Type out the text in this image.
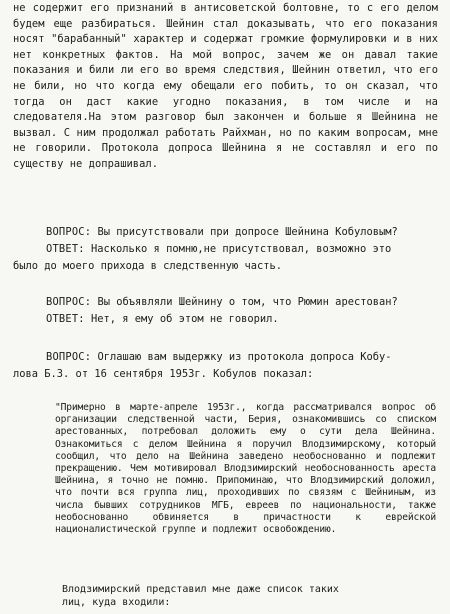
не содержит его признаний в антисоветской болтовне, то с его делом будем еще разбираться. Шейнин стал доказывать, что его показания носят "барабанный" характер и содержат громкие формулировки и в них нет конкретных фактов. На мой вопрос, зачем же он давал такие показания и били ли его во время следствия, Шейнин ответил, что его не били, но что когда ему обещали его побить, то он сказал, что тогда он даст какие угодно показания, в том числе и на следователя.На этом разговор был закончен и больше я Шейнина не вызвал. С ним продолжал работать Райхман, но по каким вопросам, мне не говорили. Протокола допроса Шейнина я не составлял и его по существу не допрашивал.

ВОПРОС: Вы присутствовали при допросе Шейнина Кобуловым?
ОТВЕТ: Насколько я помню,не присутствовал, возможно это
было до моего прихода в следственную часть.
ВОПРОС: Вы объявляли Шейнину о том, что Рюмин арестован?
ОТВЕТ: Нет, я ему об этом не говорил.
ВОПРОС: Оглашаю вам выдержку из протокола допроса Кобу-
лова Б.З. от 16 сентября 1953г. Кобулов показал:

"Примерно в марте-апреле 1953г., когда рассматривался вопрос об организации следственной части, Берия, ознакомившись со списком арестованных, потребовал доложить ему о сути дела Шейнина. Ознакомиться с делом Шейнина я поручил Влодзимирскому, который сообщил, что дело на Шейнина заведено необоснованно и подлежит прекращению. Чем мотивировал Влодзимирский необоснованность ареста Шейнина, я точно не помню. Припоминаю, что Влодзимирский доложил, что почти вся группа лиц, проходивших по связям с Шейниным, из числа бывших сотрудников МГБ, евреев по национальности, также необоснованно обвиняется в причастности к еврейской националистической группе и подлежит освобождению.

Влодзимирский представил мне даже список таких
лиц, куда входили:
